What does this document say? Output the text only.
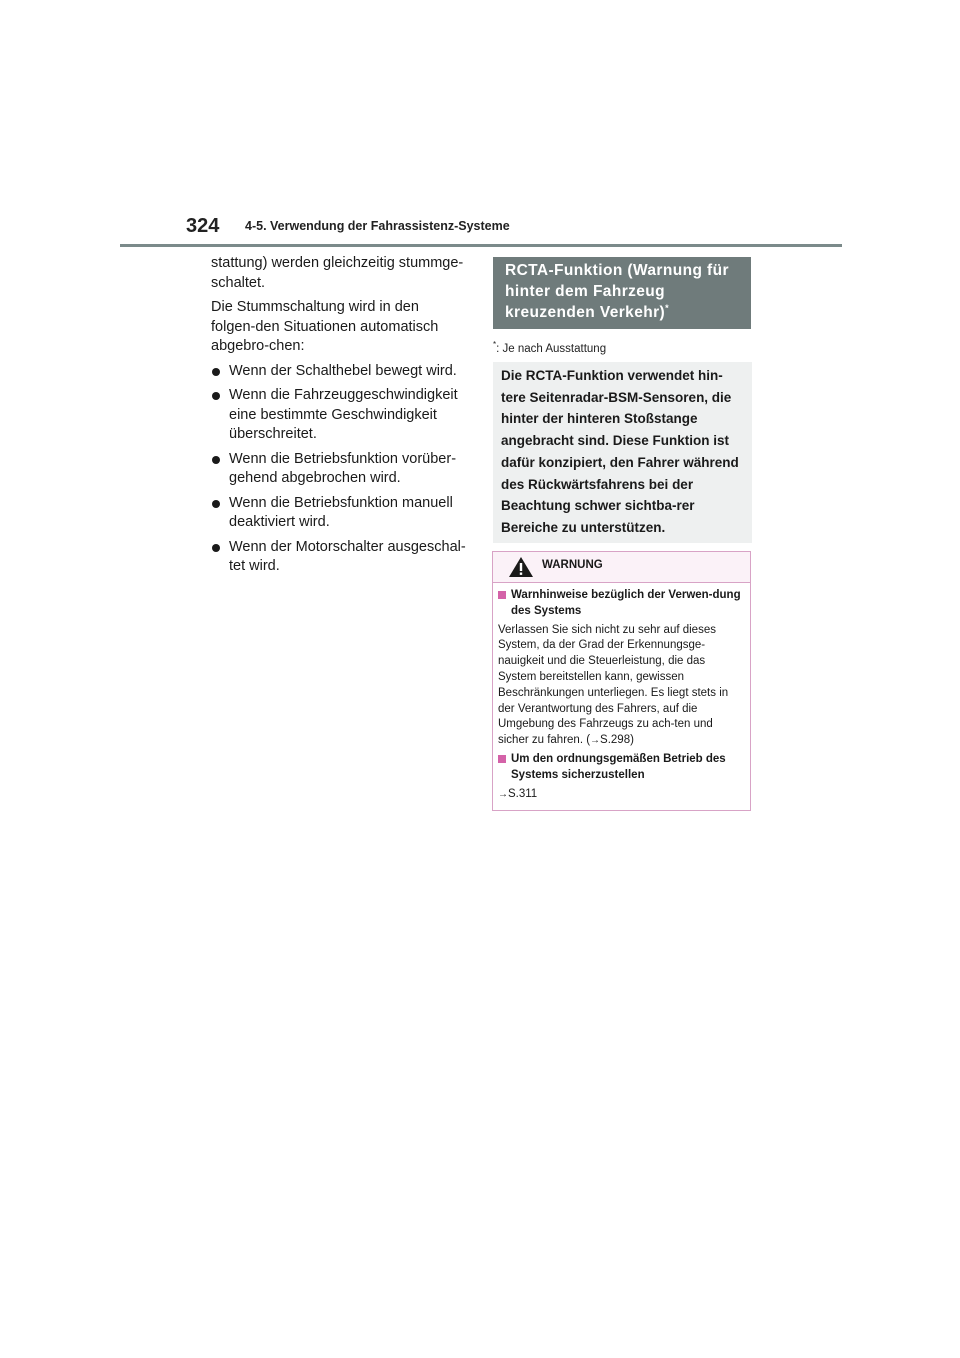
324 4-5. Verwendung der Fahrassistenz-Systeme

stattung) werden gleichzeitig stummge-schaltet.

Die Stummschaltung wird in den folgen-den Situationen automatisch abgebro-chen:

Wenn der Schalthebel bewegt wird.
Wenn die Fahrzeuggeschwindigkeit eine bestimmte Geschwindigkeit überschreitet.
Wenn die Betriebsfunktion vorüber-gehend abgebrochen wird.
Wenn die Betriebsfunktion manuell deaktiviert wird.
Wenn der Motorschalter ausgeschal-tet wird.
RCTA-Funktion (Warnung für hinter dem Fahrzeug kreuzenden Verkehr)*
*: Je nach Ausstattung
Die RCTA-Funktion verwendet hin-tere Seitenradar-BSM-Sensoren, die hinter der hinteren Stoßstange angebracht sind. Diese Funktion ist dafür konzipiert, den Fahrer während des Rückwärtsfahrens bei der Beachtung schwer sichtba-rer Bereiche zu unterstützen.
WARNUNG
Warnhinweise bezüglich der Verwen-dung des Systems

Verlassen Sie sich nicht zu sehr auf dieses System, da der Grad der Erkennungsge-nauigkeit und die Steuerleistung, die das System bereitstellen kann, gewissen Beschränkungen unterliegen. Es liegt stets in der Verantwortung des Fahrers, auf die Umgebung des Fahrzeugs zu ach-ten und sicher zu fahren. (→S.298)

Um den ordnungsgemäßen Betrieb des Systems sicherzustellen

→S.311
